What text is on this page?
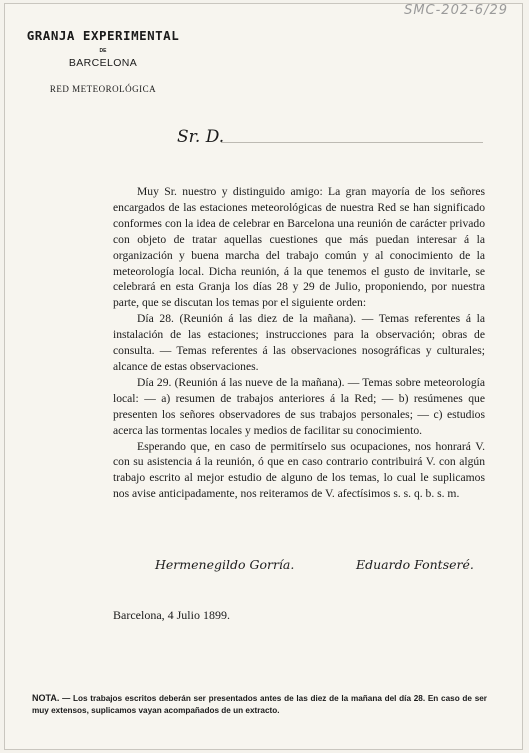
SMC-202-6/29
GRANJA EXPERIMENTAL
DE
BARCELONA
RED METEOROLÓGICA
Sr. D.

Muy Sr. nuestro y distinguido amigo: La gran mayoría de los señores encargados de las estaciones meteorológicas de nuestra Red se han significado conformes con la idea de celebrar en Barcelona una reunión de carácter privado con objeto de tratar aquellas cuestiones que más puedan interesar á la organización y buena marcha del trabajo común y al conocimiento de la meteorología local. Dicha reunión, á la que tenemos el gusto de invitarle, se celebrará en esta Granja los días 28 y 29 de Julio, proponiendo, por nuestra parte, que se discutan los temas por el siguiente orden:

Día 28. (Reunión á las diez de la mañana). — Temas referentes á la instalación de las estaciones; instrucciones para la observación; obras de consulta. — Temas referentes á las observaciones nosográficas y culturales; alcance de estas observaciones.

Día 29. (Reunión á las nueve de la mañana). — Temas sobre meteorología local: — a) resumen de trabajos anteriores á la Red; — b) resúmenes que presenten los señores observadores de sus trabajos personales; — c) estudios acerca las tormentas locales y medios de facilitar su conocimiento.

Esperando que, en caso de permitírselo sus ocupaciones, nos honrará V. con su asistencia á la reunión, ó que en caso contrario contribuirá V. con algún trabajo escrito al mejor estudio de alguno de los temas, lo cual le suplicamos nos avise anticipadamente, nos reiteramos de V. afectísimos s. s. q. b. s. m.

Hermenegildo Gorría.	Eduardo Fontseré.
Barcelona, 4 Julio 1899.
NOTA. — Los trabajos escritos deberán ser presentados antes de las diez de la mañana del día 28. En caso de ser muy extensos, suplicamos vayan acompañados de un extracto.
